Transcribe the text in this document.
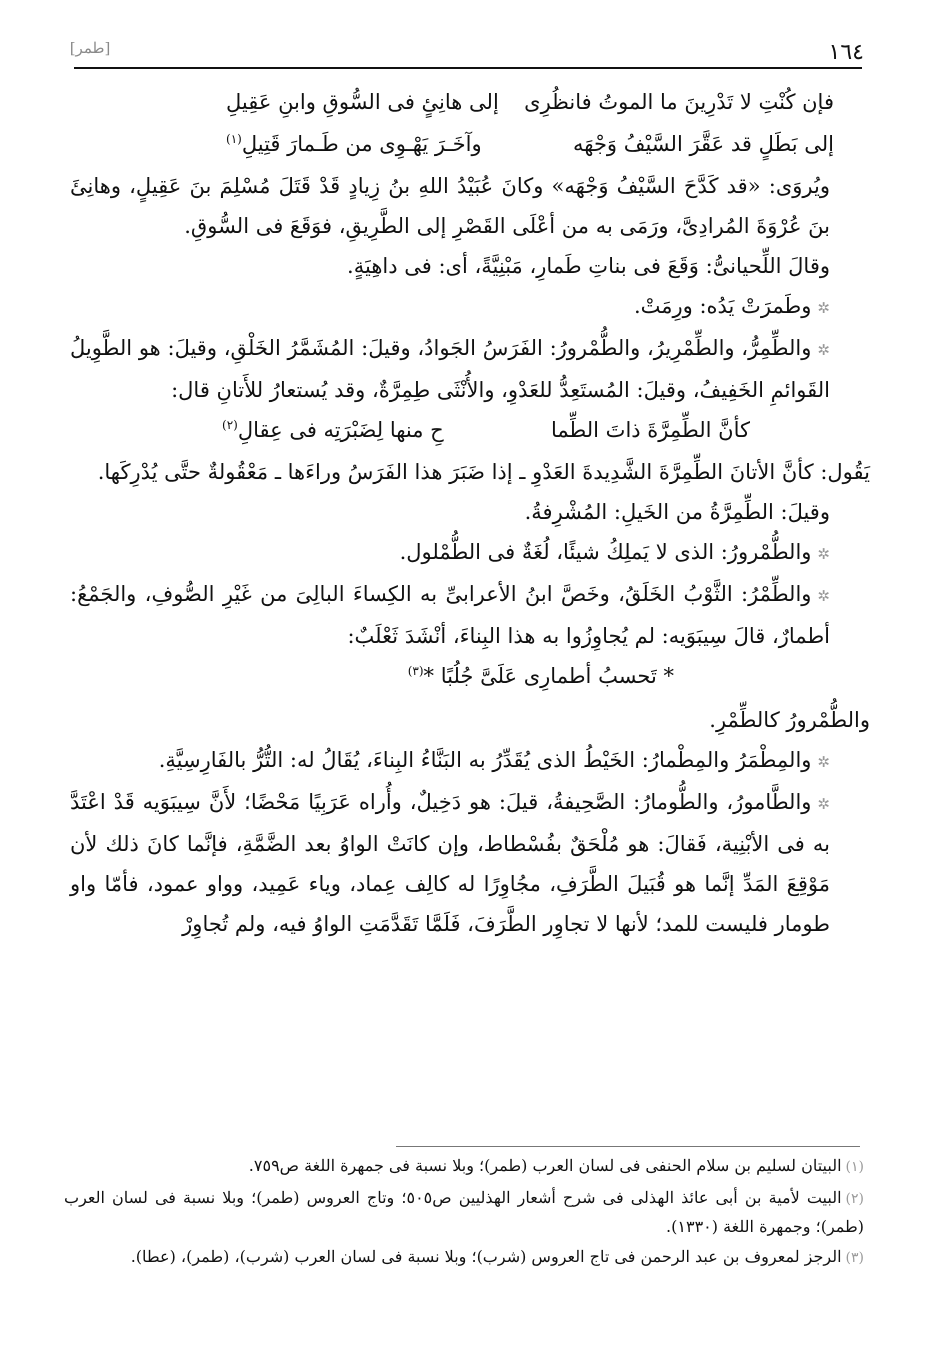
[طمر]	١٦٤
فإن كُنْتِ لا تَدْرِينَ ما الموتُ فانظُرِى
إلى هانِئٍ فى السُّوقِ وابنِ عَقِيلِ
إلى بَطَلٍ قد عَقَّرَ السَّيْفُ وَجْهَه
وآخَـرَ يَهْـوِى من طَـمارَ قَتِيلِ$^{(١)}$

ويُروَى: «قد كَدَّحَ السَّيْفُ وَجْهَه» وكانَ عُبَيْدُ اللهِ بنُ زِيادٍ قَدْ قَتَلَ مُسْلِمَ بنَ عَقِيلٍ، وهانِئَ بنَ عُرْوَةَ المُرادِىَّ، ورَمَى به من أعْلَى القَصْرِ إلى الطَّرِيقِ، فوَقَعَ فى السُّوقِ.

وقالَ اللِّحيانىُّ: وَقَعَ فى بناتِ طَمارِ، مَبْنِيَّةً، أى: فى داهِيَةٍ.

✲وطَمرَتْ يَدُه: ورِمَتْ.

✲والطِّمِرُّ، والطِّمْرِيرُ، والطُّمْرورُ: الفَرَسُ الجَوادُ، وقيلَ: المُشَمَّرُ الخَلْقِ، وقيلَ: هو الطَّوِيلُ القَوائمِ الخَفِيفُ، وقيلَ: المُستَعِدُّ للعَدْوِ، والأُنْثَى طِمِرَّةٌ، وقد يُستعارُ للأَتانِ قال:

كأنَّ الطِّمِرَّةَ ذاتَ الطِّما
حِ منها لِضَبْرَتِه فى عِقالِ$^{(٢)}$

يَقُول: كأنَّ الأتانَ الطِّمِرَّةَ الشَّدِيدةَ العَدْوِ ـ إذا ضَبَرَ هذا الفَرَسُ وراءَها ـ مَعْقُولةٌ حتَّى يُدْرِكَها.

وقيلَ: الطِّمِرَّةُ من الخَيلِ: المُشْرِفةُ.

✲والطُّمْرورُ: الذى لا يَملِكُ شيئًا، لُغَةٌ فى الطُّمْلول.

✲والطِّمْرُ: الثَّوْبُ الخَلَقُ، وخَصَّ ابنُ الأعرابىِّ به الكِساءَ البالِىَ من غَيْرِ الصُّوفِ، والجَمْعُ: أطمارٌ، قالَ سِيبَوَيه: لم يُجاوِزُوا به هذا البِناءَ، أنْشَدَ ثَعْلَبٌ:

* تَحسبُ أطمارِى عَلَىَّ جُلُبًا *$^{(٣)}$

والطُّمْرورُ كالطِّمْرِ.

✲والمِطْمَرُ والمِطْمارُ: الخَيْطُ الذى يُقَدِّرُ به البَنَّاءُ البِناءَ، يُقَالُ له: التُّرُّ بالفَارِسِيَّةِ.

✲والطَّامورُ، والطُّومارُ: الصَّحِيفةُ، قيلَ: هو دَخِيلٌ، وأُراه عَرَبِيًا مَحْضًا؛ لأَنَّ سِيبَوَيه قَدْ اعْتَدَّ به فى الأبْنِية، فَقالَ: هو مُلْحَقٌ بفُسْطاط، وإن كانَتْ الواوُ بعد الضَّمَّةِ، فإنَّما كانَ ذلك لأن مَوْقِعَ المَدِّ إنَّما هو قُبَيلَ الطَّرَفِ، مجُاوِرًا له كالِف عِماد، وياء عَمِيد، وواو عمود، فأمّا واو طومار فليست للمد؛ لأنها لا تجاوِر الطَّرَفَ، فَلَمَّا تَقَدَّمَتِ الواوُ فيه، ولم تُجاوِرْ

(١)البيتان لسليم بن سلام الحنفى فى لسان العرب (طمر)؛ وبلا نسبة فى جمهرة اللغة ص٧٥٩.

(٢)البيت لأمية بن أبى عائذ الهذلى فى شرح أشعار الهذليين ص٥٠٥؛ وتاج العروس (طمر)؛ وبلا نسبة فى لسان العرب (طمر)؛ وجمهرة اللغة (١٣٣٠).

(٣)الرجز لمعروف بن عبد الرحمن فى تاج العروس (شرب)؛ وبلا نسبة فى لسان العرب (شرب)، (طمر)، (عطا).
